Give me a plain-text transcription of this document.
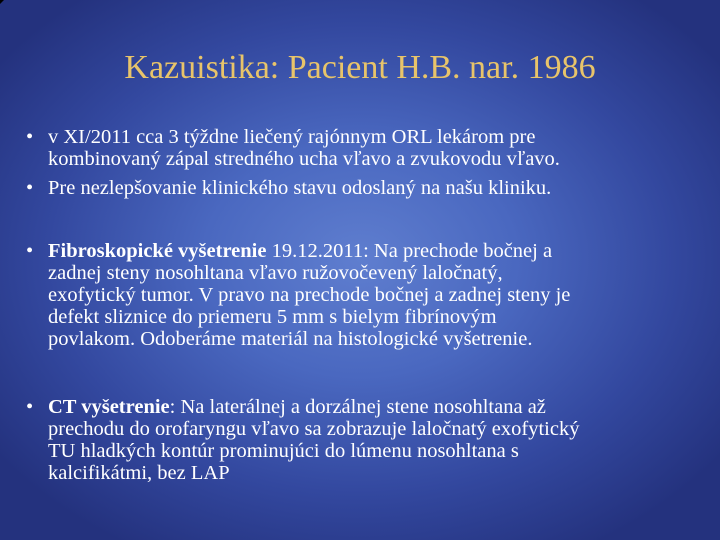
Kazuistika: Pacient H.B. nar. 1986
• v XI/2011 cca 3 týždne liečený rajónnym ORL lekárom pre
kombinovaný zápal stredného ucha vľavo a zvukovodu vľavo.
• Pre nezlepšovanie klinického stavu odoslaný na našu kliniku.
• Fibroskopické vyšetrenie 19.12.2011: Na prechode bočnej a
zadnej steny nosohltana vľavo ružovočevený laločnatý,
exofytický tumor. V pravo na prechode bočnej a zadnej steny je
defekt sliznice do priemeru 5 mm s bielym fibrínovým
povlakom. Odoberáme materiál na histologické vyšetrenie.
• CT vyšetrenie: Na laterálnej a dorzálnej stene nosohltana až
prechodu do orofaryngu vľavo sa zobrazuje laločnatý exofytický
TU hladkých kontúr prominujúci do lúmenu nosohltana s
kalcifikátmi, bez LAP
